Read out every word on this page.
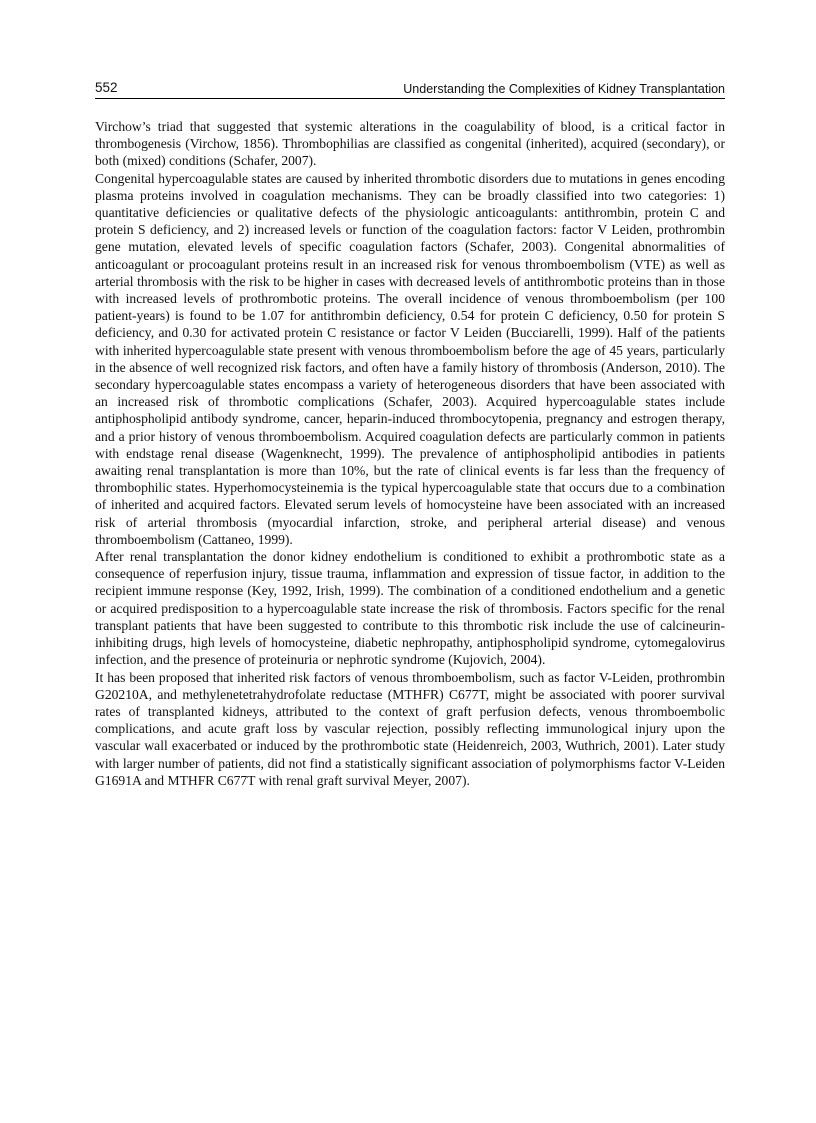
552	Understanding the Complexities of Kidney Transplantation

Virchow’s triad that suggested that systemic alterations in the coagulability of blood, is a critical factor in thrombogenesis (Virchow, 1856). Thrombophilias are classified as congenital (inherited), acquired (secondary), or both (mixed) conditions (Schafer, 2007).

Congenital hypercoagulable states are caused by inherited thrombotic disorders due to mutations in genes encoding plasma proteins involved in coagulation mechanisms. They can be broadly classified into two categories: 1) quantitative deficiencies or qualitative defects of the physiologic anticoagulants: antithrombin, protein C and protein S deficiency, and 2) increased levels or function of the coagulation factors: factor V Leiden, prothrombin gene mutation, elevated levels of specific coagulation factors (Schafer, 2003). Congenital abnormalities of anticoagulant or procoagulant proteins result in an increased risk for venous thromboembolism (VTE) as well as arterial thrombosis with the risk to be higher in cases with decreased levels of antithrombotic proteins than in those with increased levels of prothrombotic proteins. The overall incidence of venous thromboembolism (per 100 patient-years) is found to be 1.07 for antithrombin deficiency, 0.54 for protein C deficiency, 0.50 for protein S deficiency, and 0.30 for activated protein C resistance or factor V Leiden (Bucciarelli, 1999). Half of the patients with inherited hypercoagulable state present with venous thromboembolism before the age of 45 years, particularly in the absence of well recognized risk factors, and often have a family history of thrombosis (Anderson, 2010). The secondary hypercoagulable states encompass a variety of heterogeneous disorders that have been associated with an increased risk of thrombotic complications (Schafer, 2003). Acquired hypercoagulable states include antiphospholipid antibody syndrome, cancer, heparin-induced thrombocytopenia, pregnancy and estrogen therapy, and a prior history of venous thromboembolism. Acquired coagulation defects are particularly common in patients with endstage renal disease (Wagenknecht, 1999). The prevalence of antiphospholipid antibodies in patients awaiting renal transplantation is more than 10%, but the rate of clinical events is far less than the frequency of thrombophilic states. Hyperhomocysteinemia is the typical hypercoagulable state that occurs due to a combination of inherited and acquired factors. Elevated serum levels of homocysteine have been associated with an increased risk of arterial thrombosis (myocardial infarction, stroke, and peripheral arterial disease) and venous thromboembolism (Cattaneo, 1999).

After renal transplantation the donor kidney endothelium is conditioned to exhibit a prothrombotic state as a consequence of reperfusion injury, tissue trauma, inflammation and expression of tissue factor, in addition to the recipient immune response (Key, 1992, Irish, 1999). The combination of a conditioned endothelium and a genetic or acquired predisposition to a hypercoagulable state increase the risk of thrombosis. Factors specific for the renal transplant patients that have been suggested to contribute to this thrombotic risk include the use of calcineurin-inhibiting drugs, high levels of homocysteine, diabetic nephropathy, antiphospholipid syndrome, cytomegalovirus infection, and the presence of proteinuria or nephrotic syndrome (Kujovich, 2004).

It has been proposed that inherited risk factors of venous thromboembolism, such as factor V-Leiden, prothrombin G20210A, and methylenetetrahydrofolate reductase (MTHFR) C677T, might be associated with poorer survival rates of transplanted kidneys, attributed to the context of graft perfusion defects, venous thromboembolic complications, and acute graft loss by vascular rejection, possibly reflecting immunological injury upon the vascular wall exacerbated or induced by the prothrombotic state (Heidenreich, 2003, Wuthrich, 2001). Later study with larger number of patients, did not find a statistically significant association of polymorphisms factor V-Leiden G1691A and MTHFR C677T with renal graft survival Meyer, 2007).
